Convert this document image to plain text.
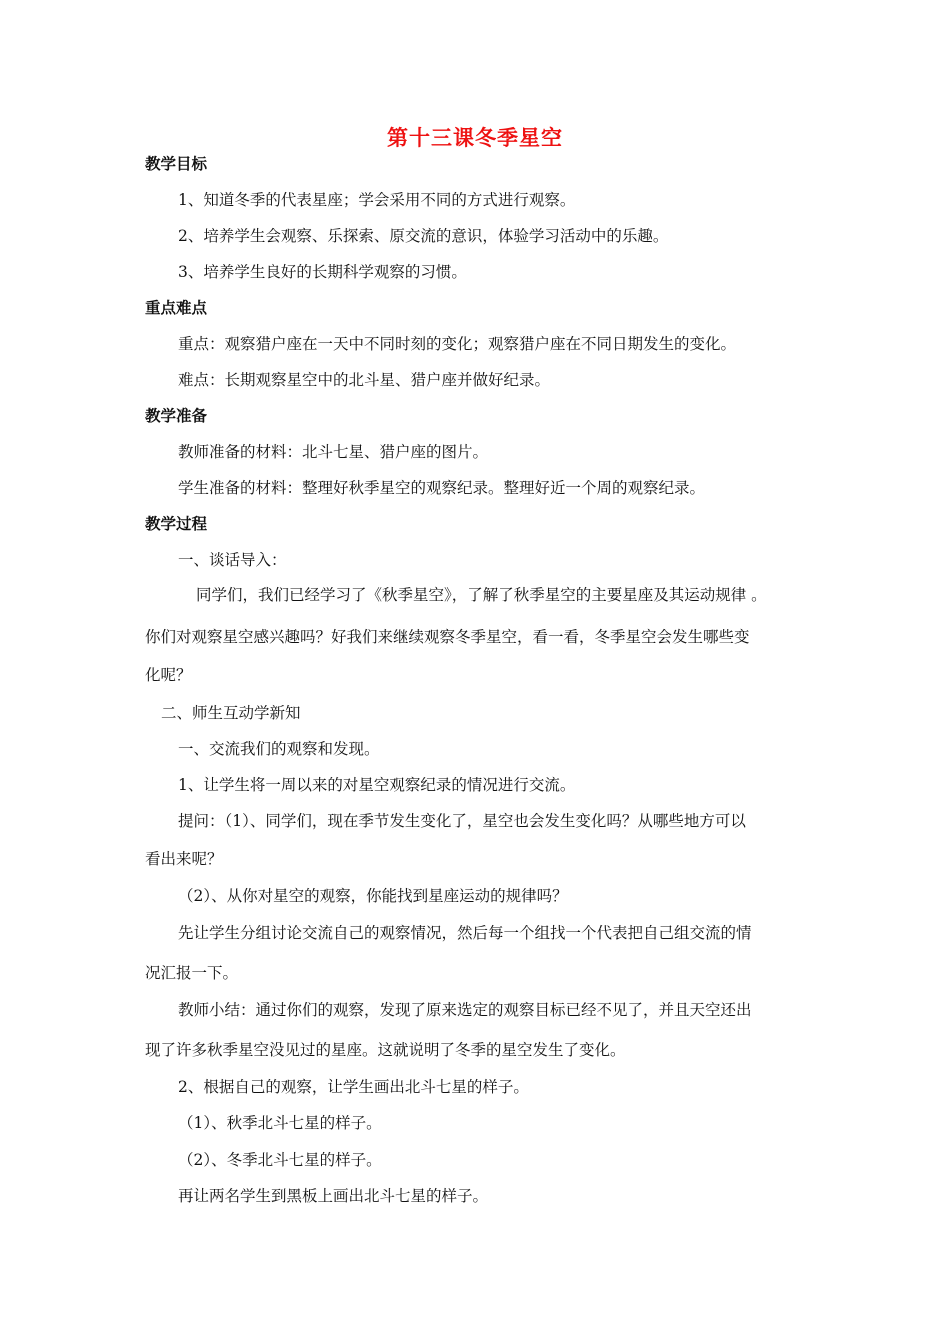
第十三课冬季星空
教学目标
1、知道冬季的代表星座；学会采用不同的方式进行观察。
2、培养学生会观察、乐探索、原交流的意识，体验学习活动中的乐趣。
3、培养学生良好的长期科学观察的习惯。
重点难点
重点：观察猎户座在一天中不同时刻的变化；观察猎户座在不同日期发生的变化。
难点：长期观察星空中的北斗星、猎户座并做好纪录。
教学准备
教师准备的材料：北斗七星、猎户座的图片。
学生准备的材料：整理好秋季星空的观察纪录。整理好近一个周的观察纪录。
教学过程
一、谈话导入：
同学们，我们已经学习了《秋季星空》，了解了秋季星空的主要星座及其运动规律 。
你们对观察星空感兴趣吗？好我们来继续观察冬季星空，看一看，冬季星空会发生哪些变
化呢？
二、师生互动学新知
一、交流我们的观察和发现。
1、让学生将一周以来的对星空观察纪录的情况进行交流。
提问：（1）、同学们，现在季节发生变化了，星空也会发生变化吗？从哪些地方可以
看出来呢？
（2）、从你对星空的观察，你能找到星座运动的规律吗？
先让学生分组讨论交流自己的观察情况，然后每一个组找一个代表把自己组交流的情
况汇报一下。
教师小结：通过你们的观察，发现了原来选定的观察目标已经不见了，并且天空还出
现了许多秋季星空没见过的星座。这就说明了冬季的星空发生了变化。
2、根据自己的观察，让学生画出北斗七星的样子。
（1）、秋季北斗七星的样子。
（2）、冬季北斗七星的样子。
再让两名学生到黑板上画出北斗七星的样子。
